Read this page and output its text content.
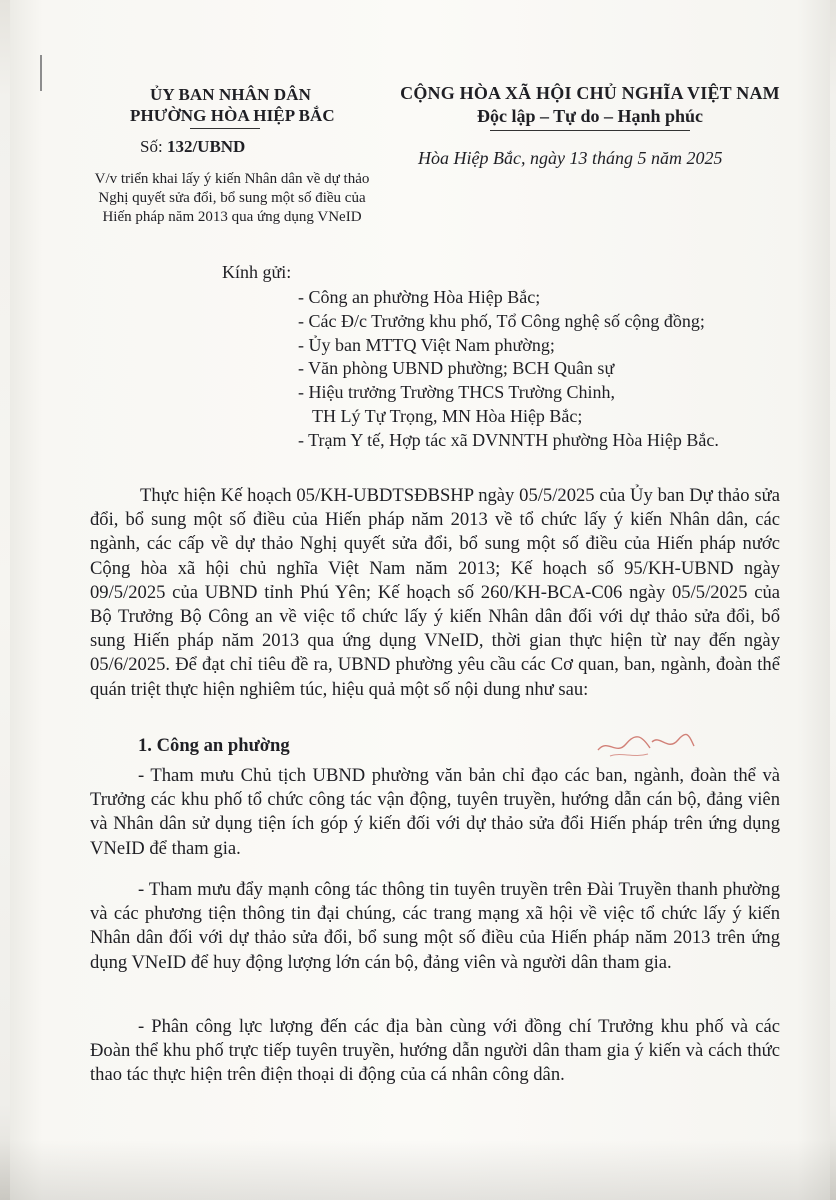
ỦY BAN NHÂN DÂN
PHƯỜNG HÒA HIỆP BẮC
Số: 132/UBND
V/v triển khai lấy ý kiến Nhân dân về dự thảo
Nghị quyết sửa đổi, bổ sung một số điều của
Hiến pháp năm 2013 qua ứng dụng VNeID
CỘNG HÒA XÃ HỘI CHỦ NGHĨA VIỆT NAM
Độc lập – Tự do – Hạnh phúc
Hòa Hiệp Bắc, ngày 13 tháng 5 năm 2025
Kính gửi:
- Công an phường Hòa Hiệp Bắc;
- Các Đ/c Trưởng khu phố, Tổ Công nghệ số cộng đồng;
- Ủy ban MTTQ Việt Nam phường;
- Văn phòng UBND phường; BCH Quân sự
- Hiệu trưởng Trường THCS Trường Chinh,
TH Lý Tự Trọng, MN Hòa Hiệp Bắc;
- Trạm Y tế, Hợp tác xã DVNNTH phường Hòa Hiệp Bắc.

Thực hiện Kế hoạch 05/KH-UBDTSĐBSHP ngày 05/5/2025 của Ủy ban Dự thảo sửa đổi, bổ sung một số điều của Hiến pháp năm 2013 về tổ chức lấy ý kiến Nhân dân, các ngành, các cấp về dự thảo Nghị quyết sửa đổi, bổ sung một số điều của Hiến pháp nước Cộng hòa xã hội chủ nghĩa Việt Nam năm 2013; Kế hoạch số 95/KH-UBND ngày 09/5/2025 của UBND tỉnh Phú Yên; Kế hoạch số 260/KH-BCA-C06 ngày 05/5/2025 của Bộ Trưởng Bộ Công an về việc tổ chức lấy ý kiến Nhân dân đối với dự thảo sửa đổi, bổ sung Hiến pháp năm 2013 qua ứng dụng VNeID, thời gian thực hiện từ nay đến ngày 05/6/2025. Để đạt chỉ tiêu đề ra, UBND phường yêu cầu các Cơ quan, ban, ngành, đoàn thể quán triệt thực hiện nghiêm túc, hiệu quả một số nội dung như sau:

1. Công an phường

- Tham mưu Chủ tịch UBND phường văn bản chỉ đạo các ban, ngành, đoàn thể và Trưởng các khu phố tổ chức công tác vận động, tuyên truyền, hướng dẫn cán bộ, đảng viên và Nhân dân sử dụng tiện ích góp ý kiến đối với dự thảo sửa đổi Hiến pháp trên ứng dụng VNeID để tham gia.

- Tham mưu đẩy mạnh công tác thông tin tuyên truyền trên Đài Truyền thanh phường và các phương tiện thông tin đại chúng, các trang mạng xã hội về việc tổ chức lấy ý kiến Nhân dân đối với dự thảo sửa đổi, bổ sung một số điều của Hiến pháp năm 2013 trên ứng dụng VNeID để huy động lượng lớn cán bộ, đảng viên và người dân tham gia.

- Phân công lực lượng đến các địa bàn cùng với đồng chí Trưởng khu phố và các Đoàn thể khu phố trực tiếp tuyên truyền, hướng dẫn người dân tham gia ý kiến và cách thức thao tác thực hiện trên điện thoại di động của cá nhân công dân.
